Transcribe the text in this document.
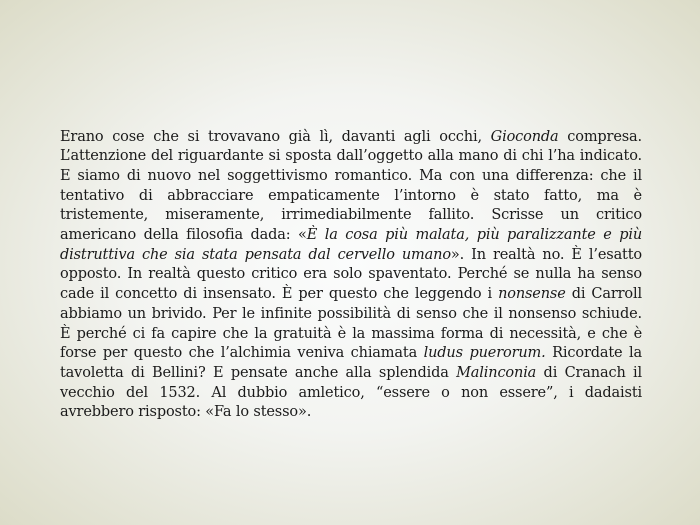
Erano cose che si trovavano già lì, davanti agli occhi, Gioconda compresa. L’attenzione del riguardante si sposta dall’oggetto alla mano di chi l’ha indicato. E siamo di nuovo nel soggettivismo romantico. Ma con una differenza: che il tentativo di abbracciare empaticamente l’intorno è stato fatto, ma è tristemente, miseramente, irrimediabilmente fallito. Scrisse un critico americano della filosofia dada: «È la cosa più malata, più paralizzante e più distruttiva che sia stata pensata dal cervello umano». In realtà no. È l’esatto opposto. In realtà questo critico era solo spaventato. Perché se nulla ha senso cade il concetto di insensato. È per questo che leggendo i nonsense di Carroll abbiamo un brivido. Per le infinite possibilità di senso che il nonsenso schiude. È perché ci fa capire che la gratuità è la massima forma di necessità, e che è forse per questo che l’alchimia veniva chiamata ludus puerorum. Ricordate la tavoletta di Bellini? E pensate anche alla splendida Malinconia di Cranach il vecchio del 1532. Al dubbio amletico, “essere o non essere”, i dadaisti avrebbero risposto: «Fa lo stesso».
